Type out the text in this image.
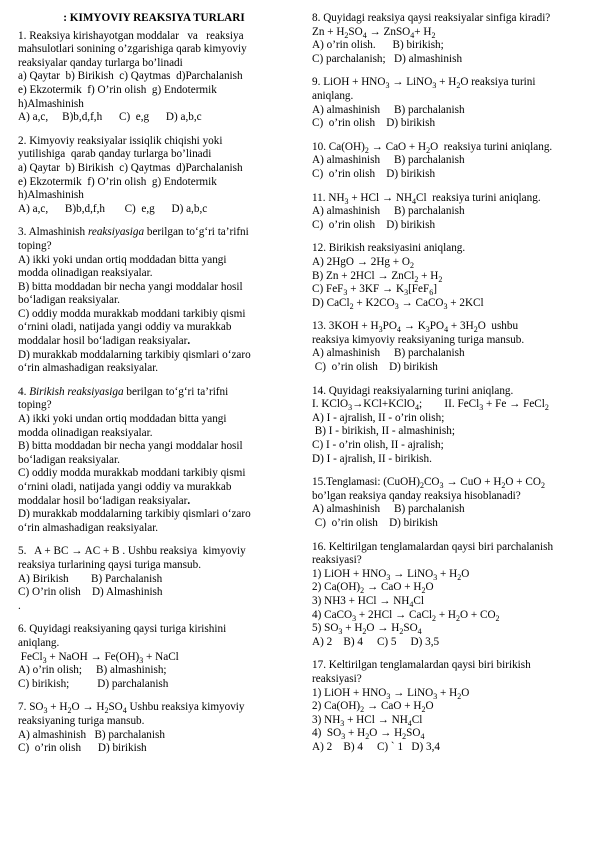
: KIMYOVIY REAKSIYA TURLARI
1. Reaksiya kirishayotgan moddalar   va   reaksiya
mahsulotlari sonining o’zgarishiga qarab kimyoviy
reaksiyalar qanday turlarga bo’linadi
a) Qaytar  b) Birikish  c) Qaytmas  d)Parchalanish
e) Ekzotermik  f) O’rin olish  g) Endotermik
h)Almashinish
A) a,c,     B)b,d,f,h      C)  e,g      D) a,b,c
2. Kimyoviy reaksiyalar issiqlik chiqishi yoki
yutilishiga  qarab qanday turlarga bo’linadi
a) Qaytar  b) Birikish  c) Qaytmas  d)Parchalanish
e) Ekzotermik  f) O’rin olish  g) Endotermik
h)Almashinish
A) a,c,      B)b,d,f,h       C)  e,g      D) a,b,c
3. Almashinish reaksiyasiga berilgan to‘g‘ri ta’rifni
toping?
A) ikki yoki undan ortiq moddadan bitta yangi
modda olinadigan reaksiyalar.
B) bitta moddadan bir necha yangi moddalar hosil
bo‘ladigan reaksiyalar.
C) oddiy modda murakkab moddani tarkibiy qismi
o‘rnini oladi, natijada yangi oddiy va murakkab
moddalar hosil bo‘ladigan reaksiyalar.
D) murakkab moddalarning tarkibiy qismlari o‘zaro
o‘rin almashadigan reaksiyalar.
4. Birikish reaksiyasiga berilgan to‘g‘ri ta’rifni
toping?
A) ikki yoki undan ortiq moddadan bitta yangi
modda olinadigan reaksiyalar.
B) bitta moddadan bir necha yangi moddalar hosil
bo‘ladigan reaksiyalar.
C) oddiy modda murakkab moddani tarkibiy qismi
o‘rnini oladi, natijada yangi oddiy va murakkab
moddalar hosil bo‘ladigan reaksiyalar.
D) murakkab moddalarning tarkibiy qismlari o‘zaro
o‘rin almashadigan reaksiyalar.
5.   A + BC → AC + B . Ushbu reaksiya  kimyoviy
reaksiya turlarining qaysi turiga mansub.
A) Birikish        B) Parchalanish
C) O’rin olish    D) Almashinish
.
6. Quyidagi reaksiyaning qaysi turiga kirishini
aniqlang.
FeCl$_3$ + NaOH → $Fe(OH)_3$ + NaCl
A) o’rin olish;     B) almashinish;
C) birikish;          D) parchalanish
7. $SO_3 + H_2O \to H_2SO_4$ Ushbu reaksiya kimyoviy
reaksiyaning turiga mansub.
A) almashinish   B) parchalanish
C)  o’rin olish      D) birikish
8. Quyidagi reaksiya qaysi reaksiyalar sinfiga kiradi?
$Zn + H_2SO_4$ → ZnSO$_4$+ $H_2$
A) o’rin olish.      B) birikish;
C) parchalanish;   D) almashinish
9. LiOH + $HNO_3$ → LiNO$_3$ + $H_2O$ reaksiya turini
aniqlang.
A) almashinish     B) parchalanish
C)  o’rin olish    D) birikish
10. $Ca(OH)_2$ → CaO + $H_2O$  reaksiya turini aniqlang.
A) almashinish     B) parchalanish
C)  o’rin olish    D) birikish
11. $NH_3$ + HCl → $NH_4Cl$  reaksiya turini aniqlang.
A) almashinish     B) parchalanish
C)  o’rin olish    D) birikish
12. Birikish reaksiyasini aniqlang.
A) $2HgO \to 2Hg + O_2$
B) Zn + 2HCl → ZnCl$_2$ + $H_2$
C) $FeF_3 + 3KF \to K_3[FeF_6]$
D) CaCl$_2$ + $K2CO_3$ → CaCO$_3$ + 2KCl
13. $3KOH + H_3PO_4 \to K_3PO_4 + 3H_2O$  ushbu
reaksiya kimyoviy reaksiyaning turiga mansub.
A) almashinish     B) parchalanish
C)  o’rin olish    D) birikish
14. Quyidagi reaksiyalarning turini aniqlang.
I. KClO$_3$→KCl+KClO$_4$;        II. FeCl$_3$ + Fe → FeCl$_2$
A) I - ajralish, II - o’rin olish;
B) I - birikish, II - almashinish;
C) I - o’rin olish, II - ajralish;
D) I - ajralish, II - birikish.
15.Tenglamasi: $(CuOH)_2CO_3$ → CuO + $H_2O + CO_2$
bo’lgan reaksiya qanday reaksiya hisoblanadi?
A) almashinish     B) parchalanish
C)  o’rin olish    D) birikish
16. Keltirilgan tenglamalardan qaysi biri parchalanish
reaksiyasi?
1) LiOH + $HNO_3$ → LiNO$_3$ + $H_2O$
2) $Ca(OH)_2$ → CaO + $H_2O$
3) NH3 + HCl → $NH_4Cl$
4) CaCO$_3$ + 2HCl → CaCl$_2$ + $H_2O + CO_2$
5) $SO_3 + H_2O \to H_2SO_4$
A) 2    B) 4     C) 5     D) 3,5
17. Keltirilgan tenglamalardan qaysi biri birikish
reaksiyasi?
1) LiOH + $HNO_3$ → LiNO$_3$ + $H_2O$
2) $Ca(OH)_2$ → CaO + $H_2O$
3) $NH_3$ + HCl → $NH_4Cl$
4)  $SO_3 + H_2O \to H_2SO_4$
A) 2    B) 4     C) ` 1   D) 3,4
